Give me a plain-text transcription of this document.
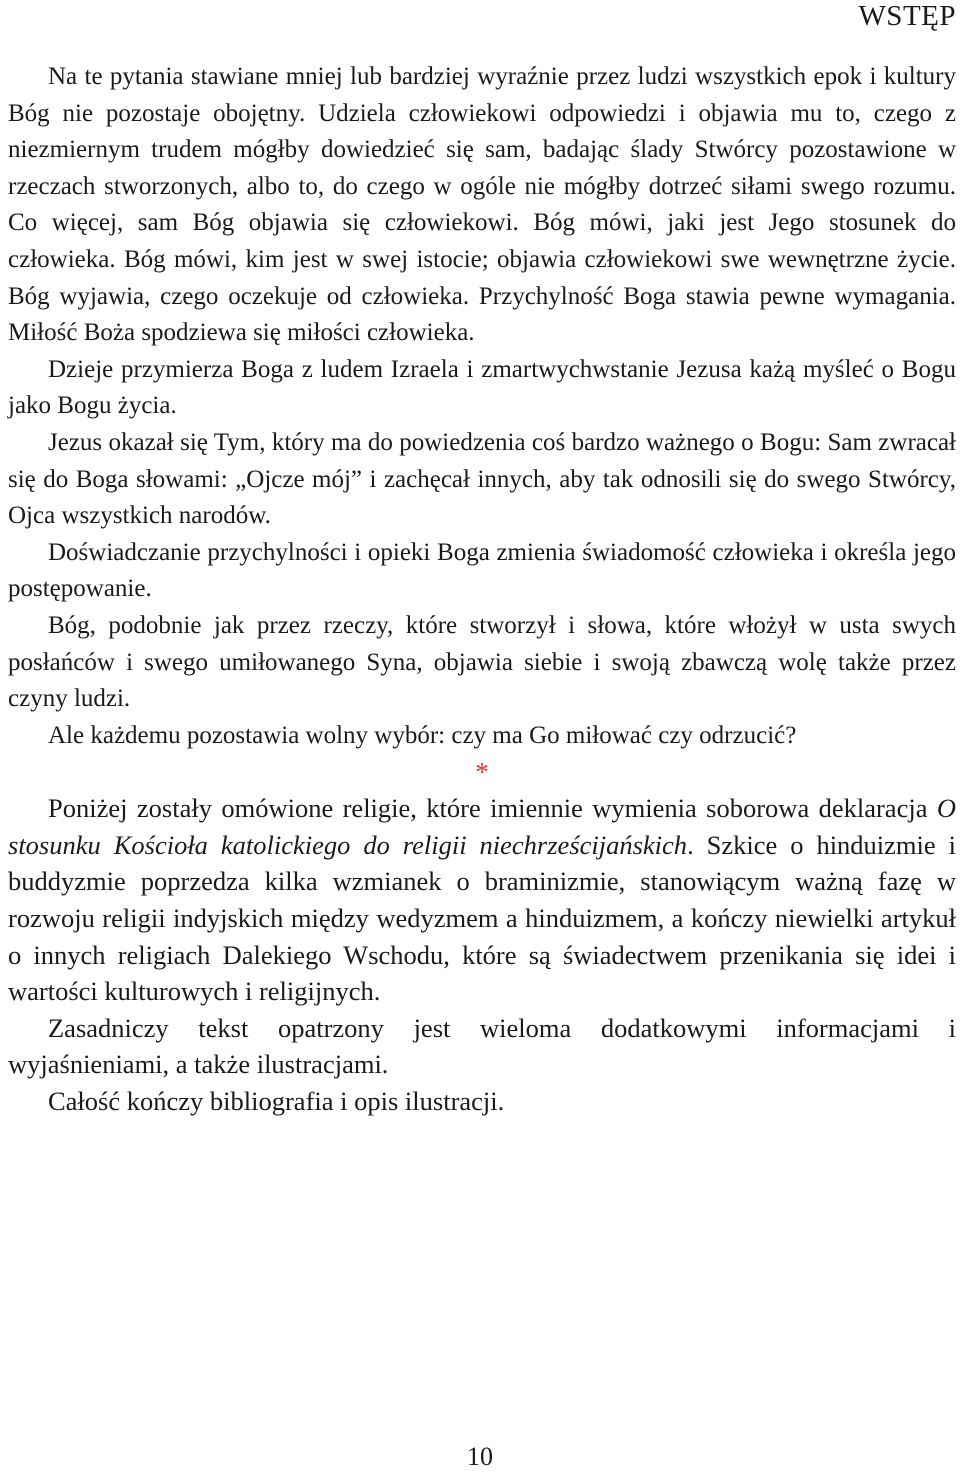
WSTĘP

Na te pytania stawiane mniej lub bardziej wyraźnie przez ludzi wszystkich epok i kultury Bóg nie pozostaje obojętny. Udziela człowiekowi odpowiedzi i objawia mu to, czego z niezmiernym trudem mógłby dowiedzieć się sam, badając ślady Stwórcy pozostawione w rzeczach stworzonych, albo to, do czego w ogóle nie mógłby dotrzeć siłami swego rozumu. Co więcej, sam Bóg objawia się człowiekowi. Bóg mówi, jaki jest Jego stosunek do człowieka. Bóg mówi, kim jest w swej istocie; objawia człowiekowi swe wewnętrzne życie. Bóg wyjawia, czego oczekuje od człowieka. Przychylność Boga stawia pewne wymagania. Miłość Boża spodziewa się miłości człowieka.

Dzieje przymierza Boga z ludem Izraela i zmartwychwstanie Jezusa każą myśleć o Bogu jako Bogu życia.

Jezus okazał się Tym, który ma do powiedzenia coś bardzo ważnego o Bogu: Sam zwracał się do Boga słowami: „Ojcze mój” i zachęcał innych, aby tak odnosili się do swego Stwórcy, Ojca wszystkich narodów.

Doświadczanie przychylności i opieki Boga zmienia świadomość człowieka i określa jego postępowanie.

Bóg, podobnie jak przez rzeczy, które stworzył i słowa, które włożył w usta swych posłańców i swego umiłowanego Syna, objawia siebie i swoją zbawczą wolę także przez czyny ludzi.

Ale każdemu pozostawia wolny wybór: czy ma Go miłować czy odrzucić?

*

Poniżej zostały omówione religie, które imiennie wymienia soborowa deklaracja O stosunku Kościoła katolickiego do religii niechrześcijańskich. Szkice o hinduizmie i buddyzmie poprzedza kilka wzmianek o braminizmie, stanowiącym ważną fazę w rozwoju religii indyjskich między wedyzmem a hinduizmem, a kończy niewielki artykuł o innych religiach Dalekiego Wschodu, które są świadectwem przenikania się idei i wartości kulturowych i religijnych.

Zasadniczy tekst opatrzony jest wieloma dodatkowymi informacjami i wyjaśnieniami, a także ilustracjami.

Całość kończy bibliografia i opis ilustracji.

10
